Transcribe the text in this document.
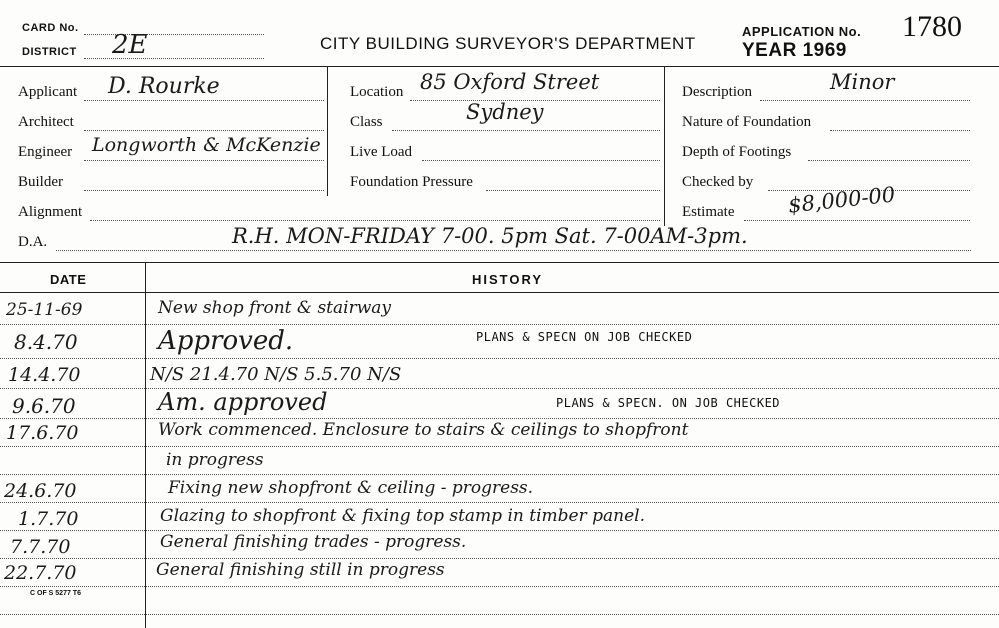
CARD No.
DISTRICT 2E	CITY BUILDING SURVEYOR'S DEPARTMENT
APPLICATION No. 1780
YEAR 1969
Applicant D. Rourke
Architect
Engineer Longworth & McKenzie
Builder
Alignment
D.A.	R.H. MON-FRIDAY 7-00. 5pm Sat. 7-00AM-3pm.
Location 85 Oxford Street
Class	Sydney
Live Load
Foundation Pressure
Description	Minor
Nature of Foundation
Depth of Footings
Checked by
Estimate	$8,000-00
DATE	HISTORY
25-11-69	New shop front & stairway
8.4.70	Approved.	PLANS & SPECN ON JOB CHECKED
14.4.70	N/S 21.4.70 N/S 5.5.70 N/S
9.6.70	Am. approved	PLANS & SPECN. ON JOB CHECKED
17.6.70	Work commenced. Enclosure to stairs & ceilings to shopfront
in progress
24.6.70	Fixing new shopfront & ceiling - progress.
1.7.70	Glazing to shopfront & fixing top stamp in timber panel.
7.7.70	General finishing trades - progress.
22.7.70	General finishing still in progress
C OF S 5277 T6
